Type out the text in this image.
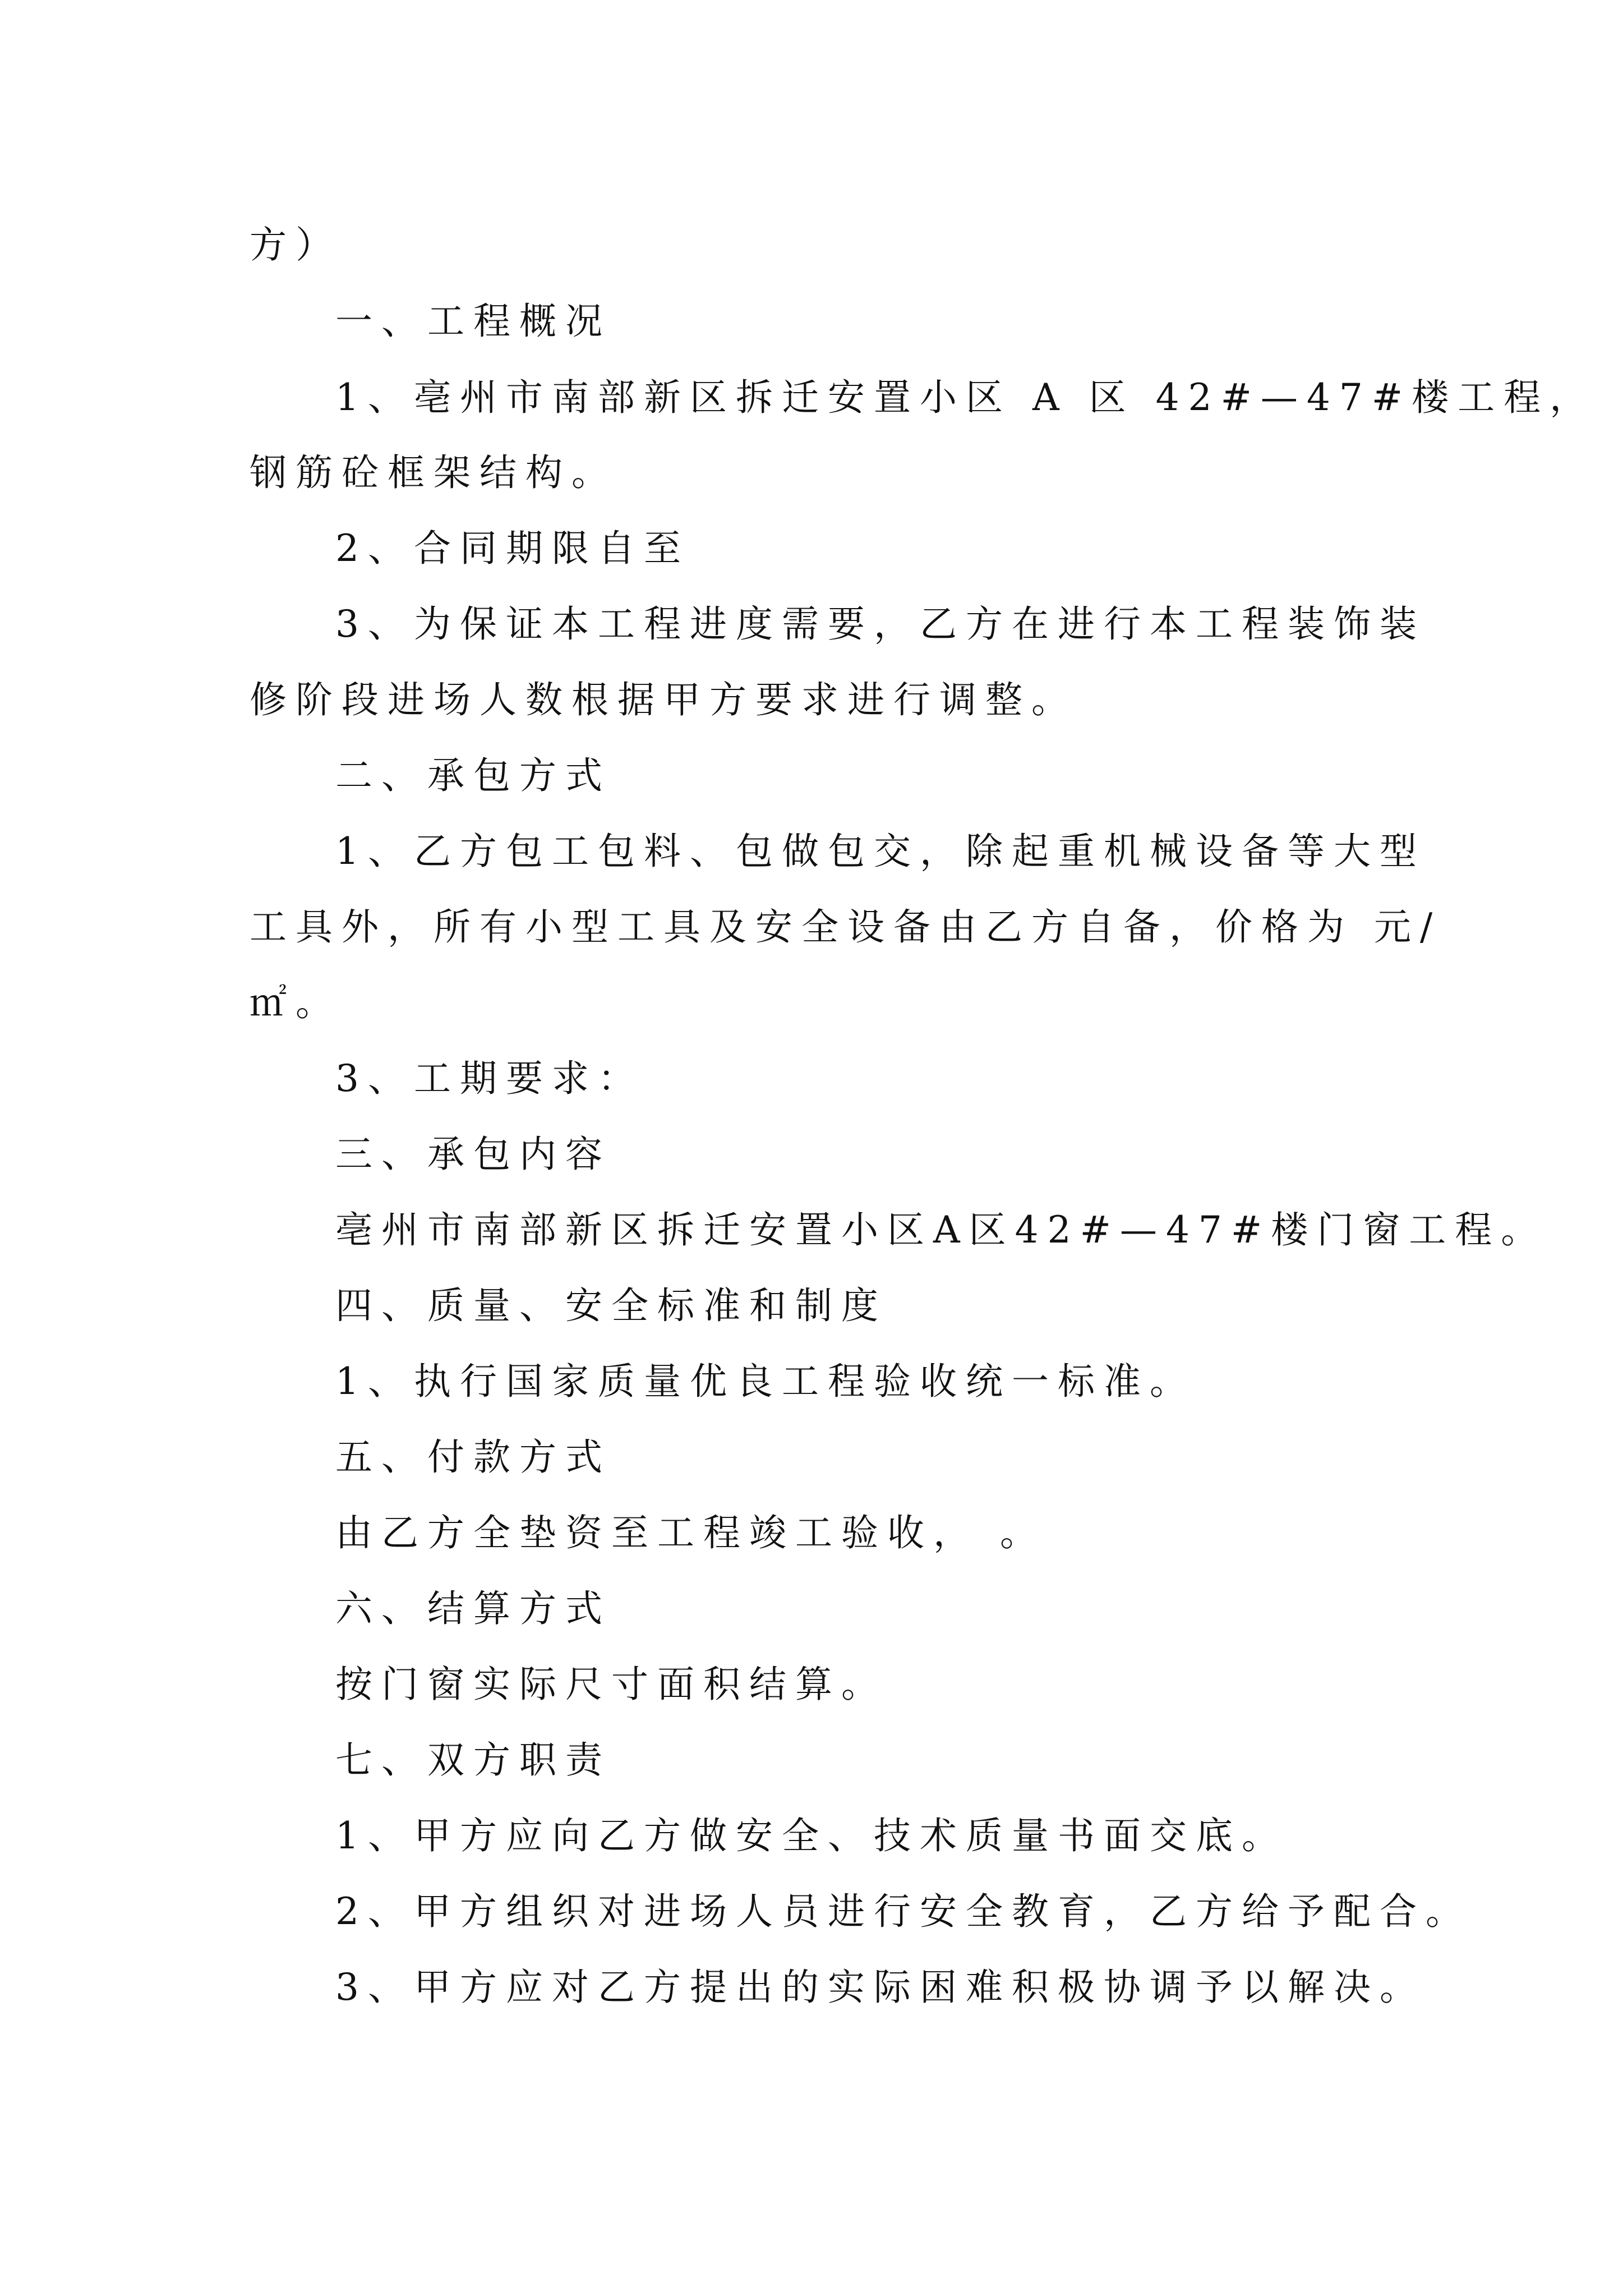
方）
一、工程概况
1、亳州市南部新区拆迁安置小区 A 区 42#—47#楼工程，
钢筋砼框架结构。
2、合同期限自至
3、为保证本工程进度需要，乙方在进行本工程装饰装
修阶段进场人数根据甲方要求进行调整。
二、承包方式
1、乙方包工包料、包做包交，除起重机械设备等大型
工具外，所有小型工具及安全设备由乙方自备，价格为 元/
㎡。
3、工期要求：
三、承包内容
亳州市南部新区拆迁安置小区A区42#—47#楼门窗工程。
四、质量、安全标准和制度
1、执行国家质量优良工程验收统一标准。
五、付款方式
由乙方全垫资至工程竣工验收， 。
六、结算方式
按门窗实际尺寸面积结算。
七、双方职责
1、甲方应向乙方做安全、技术质量书面交底。
2、甲方组织对进场人员进行安全教育，乙方给予配合。
3、甲方应对乙方提出的实际困难积极协调予以解决。
